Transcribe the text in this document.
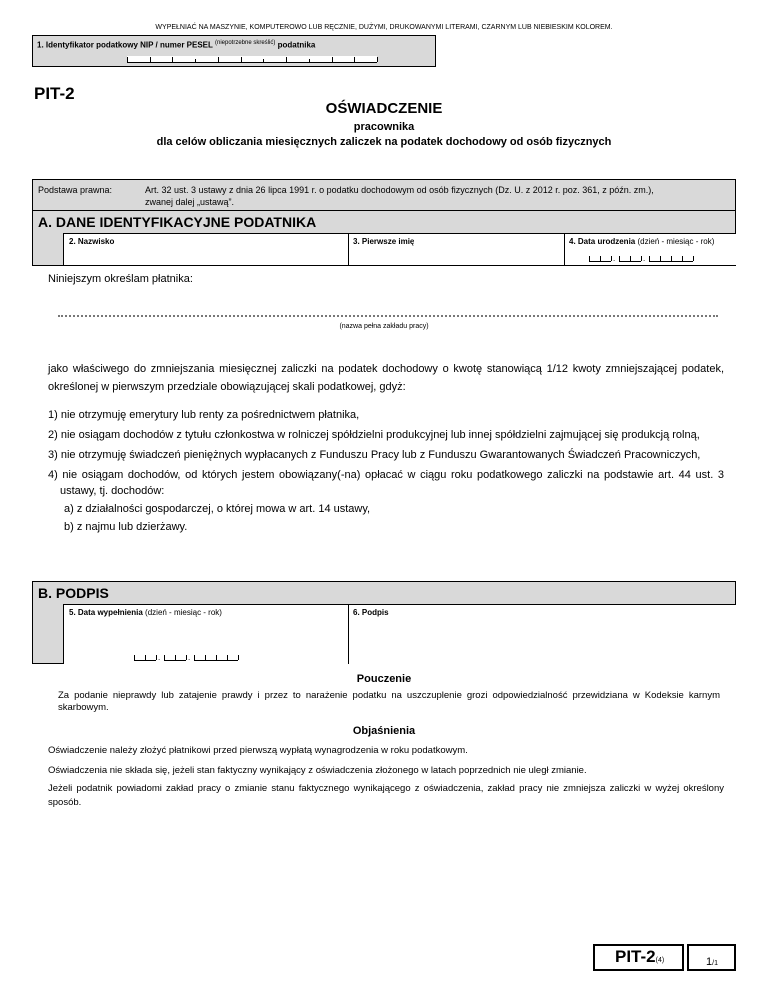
WYPEŁNIAĆ NA MASZYNIE, KOMPUTEROWO LUB RĘCZNIE, DUŻYMI, DRUKOWANYMI LITERAMI, CZARNYM LUB NIEBIESKIM KOLOREM.
1. Identyfikator podatkowy NIP / numer PESEL $^{(niepotrzebne skreślić)}$ podatnika
PIT-2
OŚWIADCZENIE
pracownika
dla celów obliczania miesięcznych zaliczek na podatek dochodowy od osób fizycznych
Podstawa prawna:	Art. 32 ust. 3 ustawy z dnia 26 lipca 1991 r. o podatku dochodowym od osób fizycznych (Dz. U. z 2012 r. poz. 361, z późn. zm.),
zwanej dalej „ustawą”.
A. DANE IDENTYFIKACYJNE PODATNIKA
2. Nazwisko	3. Pierwsze imię	4. Data urodzenia (dzień - miesiąc - rok)
.	.
Niniejszym określam płatnika:
(nazwa pełna zakładu pracy)
jako właściwego do zmniejszania miesięcznej zaliczki na podatek dochodowy o kwotę stanowiącą 1/12 kwoty zmniejszającej podatek, określonej w pierwszym przedziale obowiązującej skali podatkowej, gdyż:
1) nie otrzymuję emerytury lub renty za pośrednictwem płatnika,
2) nie osiągam dochodów z tytułu członkostwa w rolniczej spółdzielni produkcyjnej lub innej spółdzielni zajmującej się produkcją rolną,
3) nie otrzymuję świadczeń pieniężnych wypłacanych z Funduszu Pracy lub z Funduszu Gwarantowanych Świadczeń Pracowniczych,
4) nie osiągam dochodów, od których jestem obowiązany(-na) opłacać w ciągu roku podatkowego zaliczki na podstawie art. 44 ust. 3 ustawy, tj. dochodów:
a) z działalności gospodarczej, o której mowa w art. 14 ustawy,
b) z najmu lub dzierżawy.
B. PODPIS
5. Data wypełnienia (dzień - miesiąc - rok)
.	.
6. Podpis
Pouczenie
Za podanie nieprawdy lub zatajenie prawdy i przez to narażenie podatku na uszczuplenie grozi odpowiedzialność przewidziana w Kodeksie karnym skarbowym.
Objaśnienia

Oświadczenie należy złożyć płatnikowi przed pierwszą wypłatą wynagrodzenia w roku podatkowym.

Oświadczenia nie składa się, jeżeli stan faktyczny wynikający z oświadczenia złożonego w latach poprzednich nie uległ zmianie.

Jeżeli podatnik powiadomi zakład pracy o zmianie stanu faktycznego wynikającego z oświadczenia, zakład pracy nie zmniejsza zaliczki w wyżej określony sposób.

PIT-2(4)	1/1
